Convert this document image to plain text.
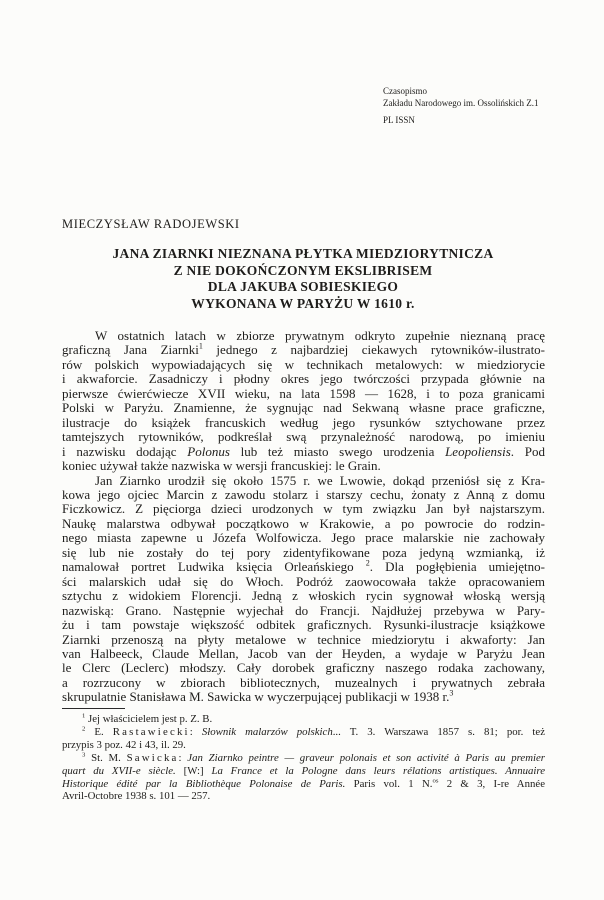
Czasopismo
Zakładu Narodowego im. Ossolińskich Z.1
PL ISSN
MIECZYSŁAW RADOJEWSKI
JANA ZIARNKI NIEZNANA PŁYTKA MIEDZIORYTNICZA
Z NIE DOKOŃCZONYM EKSLIBRISEM
DLA JAKUBA SOBIESKIEGO
WYKONANA W PARYŻU W 1610 r.
W ostatnich latach w zbiorze prywatnym odkryto zupełnie nieznaną pracę
graficzną Jana Ziarnki$^1$ jednego z najbardziej ciekawych rytowników-ilustrato-
rów polskich wypowiadających się w technikach metalowych: w miedziorycie
i akwaforcie. Zasadniczy i płodny okres jego twórczości przypada głównie na
pierwsze ćwierćwiecze XVII wieku, na lata 1598 — 1628, i to poza granicami
Polski w Paryżu. Znamienne, że sygnując nad Sekwaną własne prace graficzne,
ilustracje do książek francuskich według jego rysunków sztychowane przez
tamtejszych rytowników, podkreślał swą przynależność narodową, po imieniu
i nazwisku dodając Polonus lub też miasto swego urodzenia Leopoliensis. Pod
koniec używał także nazwiska w wersji francuskiej: le Grain.
Jan Ziarnko urodził się około 1575 r. we Lwowie, dokąd przeniósł się z Kra-
kowa jego ojciec Marcin z zawodu stolarz i starszy cechu, żonaty z Anną z domu
Ficzkowicz. Z pięciorga dzieci urodzonych w tym związku Jan był najstarszym.
Naukę malarstwa odbywał początkowo w Krakowie, a po powrocie do rodzin-
nego miasta zapewne u Józefa Wolfowicza. Jego prace malarskie nie zachowały
się lub nie zostały do tej pory zidentyfikowane poza jedyną wzmianką, iż
namalował portret Ludwika księcia Orleańskiego $^2$. Dla pogłębienia umiejętno-
ści malarskich udał się do Włoch. Podróż zaowocowała także opracowaniem
sztychu z widokiem Florencji. Jedną z włoskich rycin sygnował włoską wersją
nazwiską: Grano. Następnie wyjechał do Francji. Najdłużej przebywa w Pary-
żu i tam powstaje większość odbitek graficznych. Rysunki-ilustracje książkowe
Ziarnki przenoszą na płyty metalowe w technice miedziorytu i akwaforty: Jan
van Halbeeck, Claude Mellan, Jacob van der Heyden, a wydaje w Paryżu Jean
le Clerc (Leclerc) młodszy. Cały dorobek graficzny naszego rodaka zachowany,
a rozrzucony w zbiorach bibliotecznych, muzealnych i prywatnych zebrała
skrupulatnie Stanisława M. Sawicka w wyczerpującej publikacji w 1938 r.$^3$
$^1$ Jej właścicielem jest p. Z. B.
$^2$ E. Rastawiecki: Słownik malarzów polskich... T. 3. Warszawa 1857 s. 81; por. też
przypis 3 poz. 42 i 43, il. 29.
$^3$ St. M. Sawicka: Jan Ziarnko peintre — graveur polonais et son activité à Paris au premier
quart du XVII-e siècle. [W:] La France et la Pologne dans leurs rélations artistiques. Annuaire
Historique édité par la Bibliothèque Polonaise de Paris. Paris vol. 1 N.$^{os}$ 2 & 3, I-re Année
Avril-Octobre 1938 s. 101 — 257.
